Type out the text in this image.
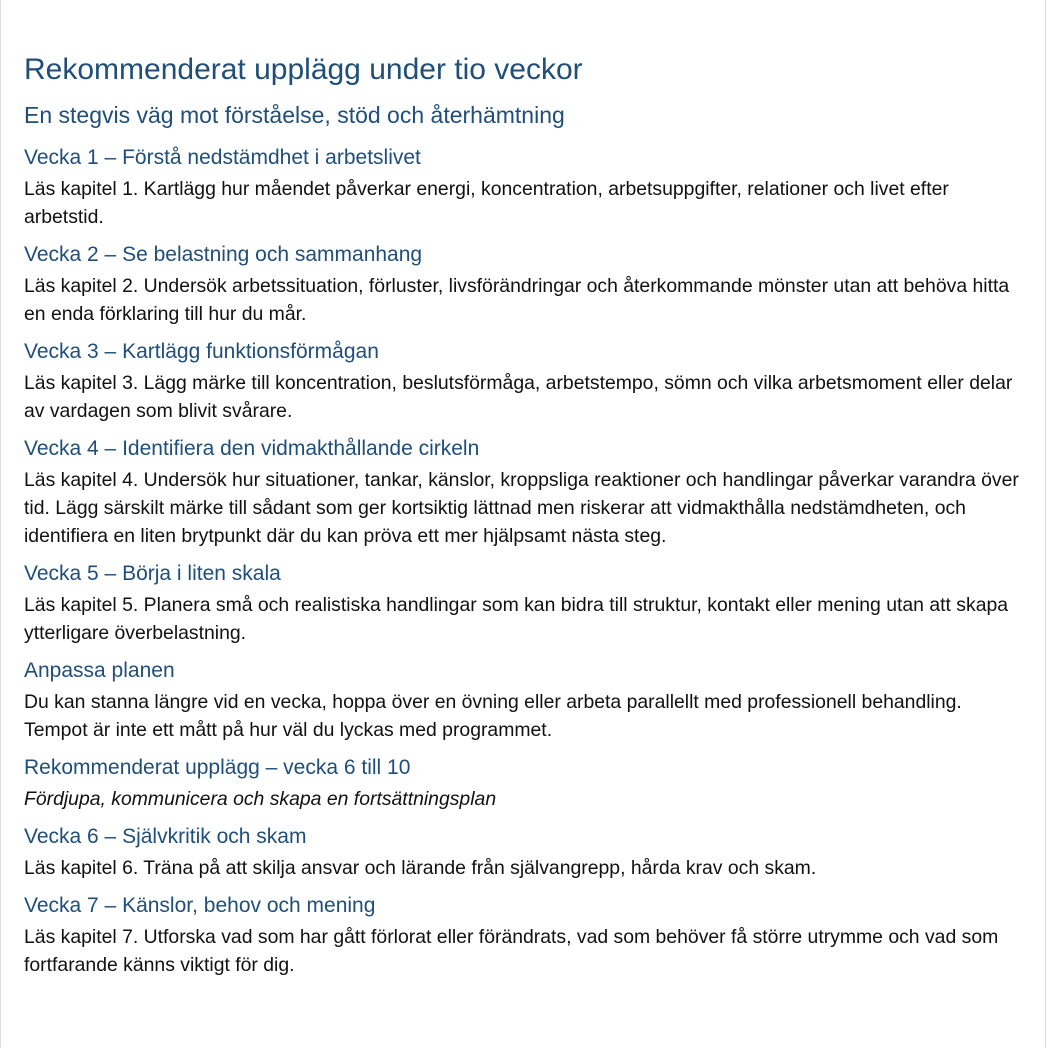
Rekommenderat upplägg under tio veckor
En stegvis väg mot förståelse, stöd och återhämtning
Vecka 1 – Förstå nedstämdhet i arbetslivet

Läs kapitel 1. Kartlägg hur måendet påverkar energi, koncentration, arbetsuppgifter, relationer och livet efter arbetstid.

Vecka 2 – Se belastning och sammanhang

Läs kapitel 2. Undersök arbetssituation, förluster, livsförändringar och återkommande mönster utan att behöva hitta en enda förklaring till hur du mår.

Vecka 3 – Kartlägg funktionsförmågan

Läs kapitel 3. Lägg märke till koncentration, beslutsförmåga, arbetstempo, sömn och vilka arbetsmoment eller delar av vardagen som blivit svårare.

Vecka 4 – Identifiera den vidmakthållande cirkeln

Läs kapitel 4. Undersök hur situationer, tankar, känslor, kroppsliga reaktioner och handlingar påverkar varandra över tid. Lägg särskilt märke till sådant som ger kortsiktig lättnad men riskerar att vidmakthålla nedstämdheten, och identifiera en liten brytpunkt där du kan pröva ett mer hjälpsamt nästa steg.

Vecka 5 – Börja i liten skala

Läs kapitel 5. Planera små och realistiska handlingar som kan bidra till struktur, kontakt eller mening utan att skapa ytterligare överbelastning.

Anpassa planen

Du kan stanna längre vid en vecka, hoppa över en övning eller arbeta parallellt med professionell behandling. Tempot är inte ett mått på hur väl du lyckas med programmet.

Rekommenderat upplägg – vecka 6 till 10

Fördjupa, kommunicera och skapa en fortsättningsplan

Vecka 6 – Självkritik och skam

Läs kapitel 6. Träna på att skilja ansvar och lärande från självangrepp, hårda krav och skam.

Vecka 7 – Känslor, behov och mening

Läs kapitel 7. Utforska vad som har gått förlorat eller förändrats, vad som behöver få större utrymme och vad som fortfarande känns viktigt för dig.
